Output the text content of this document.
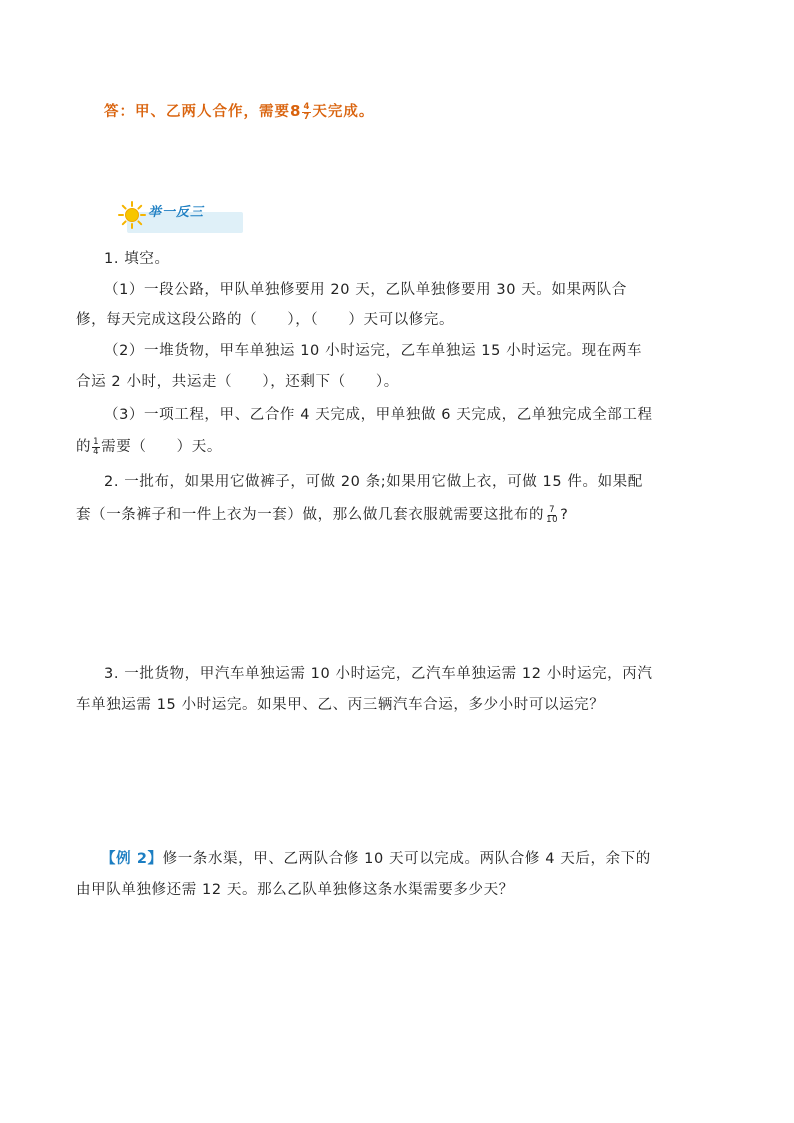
答：甲、乙两人合作，需要$8 \frac{4}{7}$ 天完成。
举一反三
1. 填空。
（1）一段公路，甲队单独修要用 20 天，乙队单独修要用 30 天。如果两队合
修，每天完成这段公路的（　　），（　　）天可以修完。
（2）一堆货物，甲车单独运 10 小时运完，乙车单独运 15 小时运完。现在两车
合运 2 小时，共运走（　　），还剩下（　　）。
（3）一项工程，甲、乙合作 4 天完成，甲单独做 6 天完成，乙单独完成全部工程
的 $\frac{1}{4}$ 需要（　　）天。
2. 一批布，如果用它做裤子，可做 20 条;如果用它做上衣，可做 15 件。如果配
套（一条裤子和一件上衣为一套）做，那么做几套衣服就需要这批布的 $\frac{7}{10}$ ?
3. 一批货物，甲汽车单独运需 10 小时运完，乙汽车单独运需 12 小时运完，丙汽
车单独运需 15 小时运完。如果甲、乙、丙三辆汽车合运，多少小时可以运完？
【例 2】修一条水渠，甲、乙两队合修 10 天可以完成。两队合修 4 天后，余下的
由甲队单独修还需 12 天。那么乙队单独修这条水渠需要多少天？
